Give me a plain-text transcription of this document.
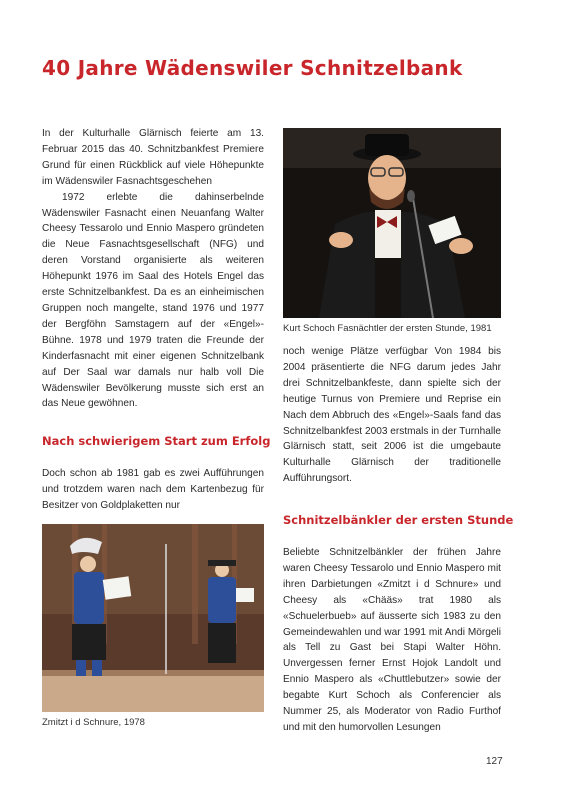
40 Jahre Wädenswiler Schnitzelbank

In der Kulturhalle Glärnisch feierte am 13. Februar 2015 das 40. Schnitzbankfest Premiere Grund für einen Rückblick auf viele Höhepunkte im Wädenswiler Fasnachtsgeschehen

1972 erlebte die dahinserbelnde Wädenswiler Fasnacht einen Neuanfang Walter Cheesy Tessarolo und Ennio Maspero gründeten die Neue Fasnachtsgesellschaft (NFG) und deren Vorstand organisierte als weiteren Höhepunkt 1976 im Saal des Hotels Engel das erste Schnitzelbankfest. Da es an einheimischen Gruppen noch mangelte, stand 1976 und 1977 der Bergföhn Samstagern auf der «Engel»-Bühne. 1978 und 1979 traten die Freunde der Kinderfasnacht mit einer eigenen Schnitzelbank auf Der Saal war damals nur halb voll Die Wädenswiler Bevölkerung musste sich erst an das Neue gewöhnen.

Nach schwierigem Start zum Erfolg

Doch schon ab 1981 gab es zwei Aufführungen und trotzdem waren nach dem Kartenbezug für Besitzer von Goldplaketten nur

Zmitzt i d Schnure, 1978
Kurt Schoch Fasnächtler der ersten Stunde, 1981

noch wenige Plätze verfügbar Von 1984 bis 2004 präsentierte die NFG darum jedes Jahr drei Schnitzelbankfeste, dann spielte sich der heutige Turnus von Premiere und Reprise ein Nach dem Abbruch des «Engel»-Saals fand das Schnitzelbankfest 2003 erstmals in der Turnhalle Glärnisch statt, seit 2006 ist die umgebaute Kulturhalle Glärnisch der traditionelle Aufführungsort.

Schnitzelbänkler der ersten Stunde

Beliebte Schnitzelbänkler der frühen Jahre waren Cheesy Tessarolo und Ennio Maspero mit ihren Darbietungen «Zmitzt i d Schnure» und Cheesy als «Chääs» trat 1980 als «Schuelerbueb» auf äusserte sich 1983 zu den Gemeindewahlen und war 1991 mit Andi Mörgeli als Tell zu Gast bei Stapi Walter Höhn. Unvergessen ferner Ernst Hojok Landolt und Ennio Maspero als «Chuttlebutzer» sowie der begabte Kurt Schoch als Conferencier als Nummer 25, als Moderator von Radio Furthof und mit den humorvollen Lesungen

127
